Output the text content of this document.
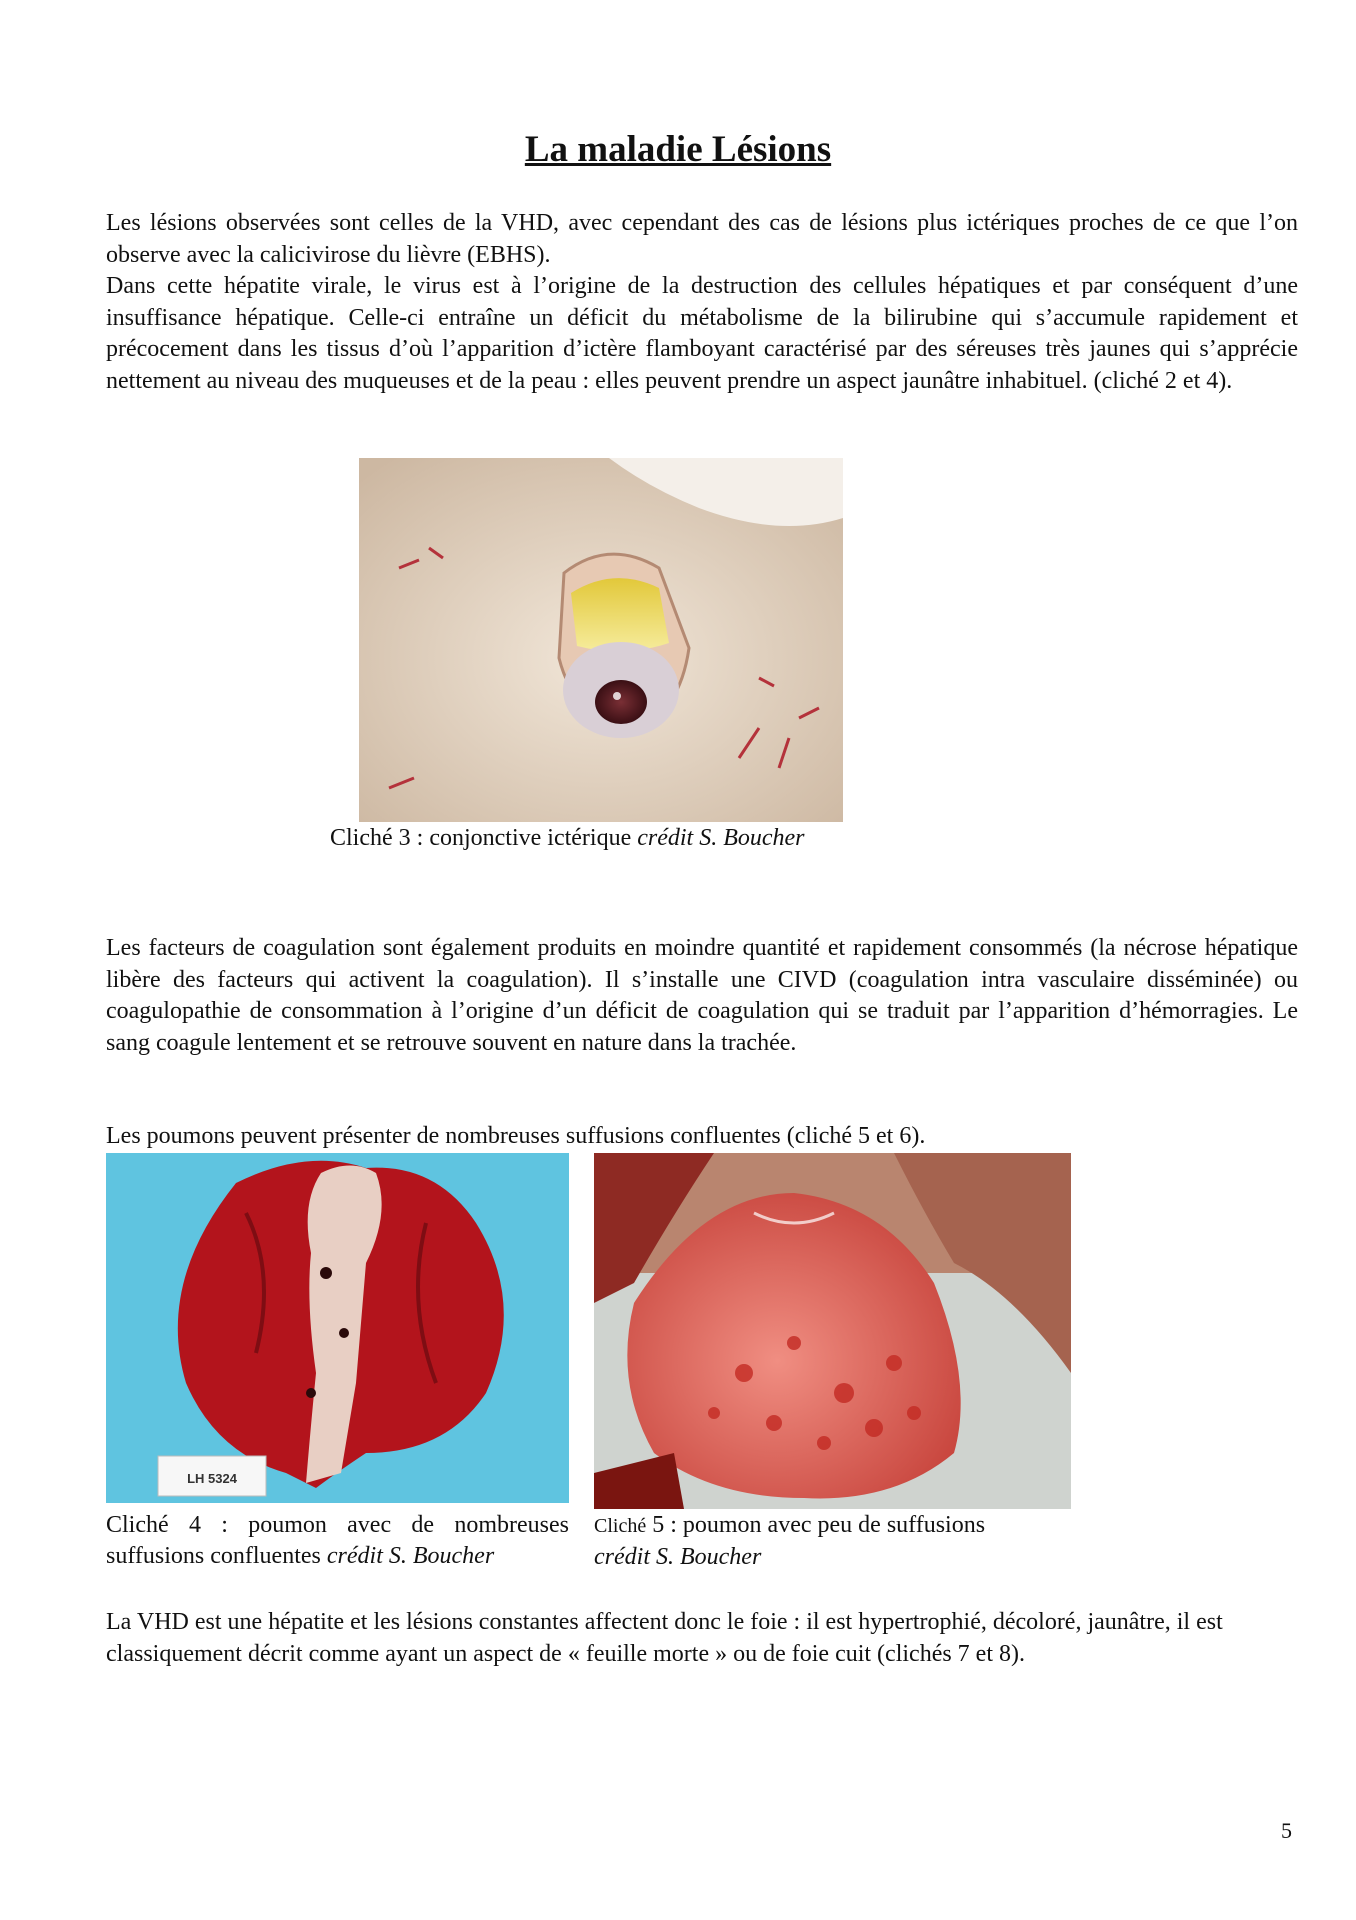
La maladie Lésions

Les lésions observées sont celles de la VHD, avec cependant des cas de lésions plus ictériques proches de ce que l’on observe avec la calicivirose du lièvre (EBHS).

Dans cette hépatite virale, le virus est à l’origine de la destruction des cellules hépatiques et par conséquent d’une insuffisance hépatique. Celle-ci entraîne un déficit du métabolisme de la bilirubine qui s’accumule rapidement et précocement dans les tissus d’où l’apparition d’ictère flamboyant caractérisé par des séreuses très jaunes qui s’apprécie nettement au niveau des muqueuses et de la peau : elles peuvent prendre un aspect jaunâtre inhabituel. (cliché 2 et 4).

Cliché 3 : conjonctive ictérique crédit S. Boucher

Les facteurs de coagulation sont également produits en moindre quantité et rapidement consommés (la nécrose hépatique libère des facteurs qui activent la coagulation). Il s’installe une CIVD (coagulation intra vasculaire disséminée) ou coagulopathie de consommation à l’origine d’un déficit de coagulation qui se traduit par l’apparition d’hémorragies. Le sang coagule lentement et se retrouve souvent en nature dans la trachée.

Les poumons peuvent présenter de nombreuses suffusions confluentes (cliché 5 et 6).

LH 5324

Cliché 4 : poumon avec de nombreuses suffusions confluentes crédit S. Boucher

Cliché 5 : poumon avec peu de suffusions
crédit S. Boucher

La VHD est une hépatite et les lésions constantes affectent donc le foie : il est hypertrophié, décoloré, jaunâtre, il est classiquement décrit comme ayant un aspect de « feuille morte » ou de foie cuit (clichés 7 et 8).

5
